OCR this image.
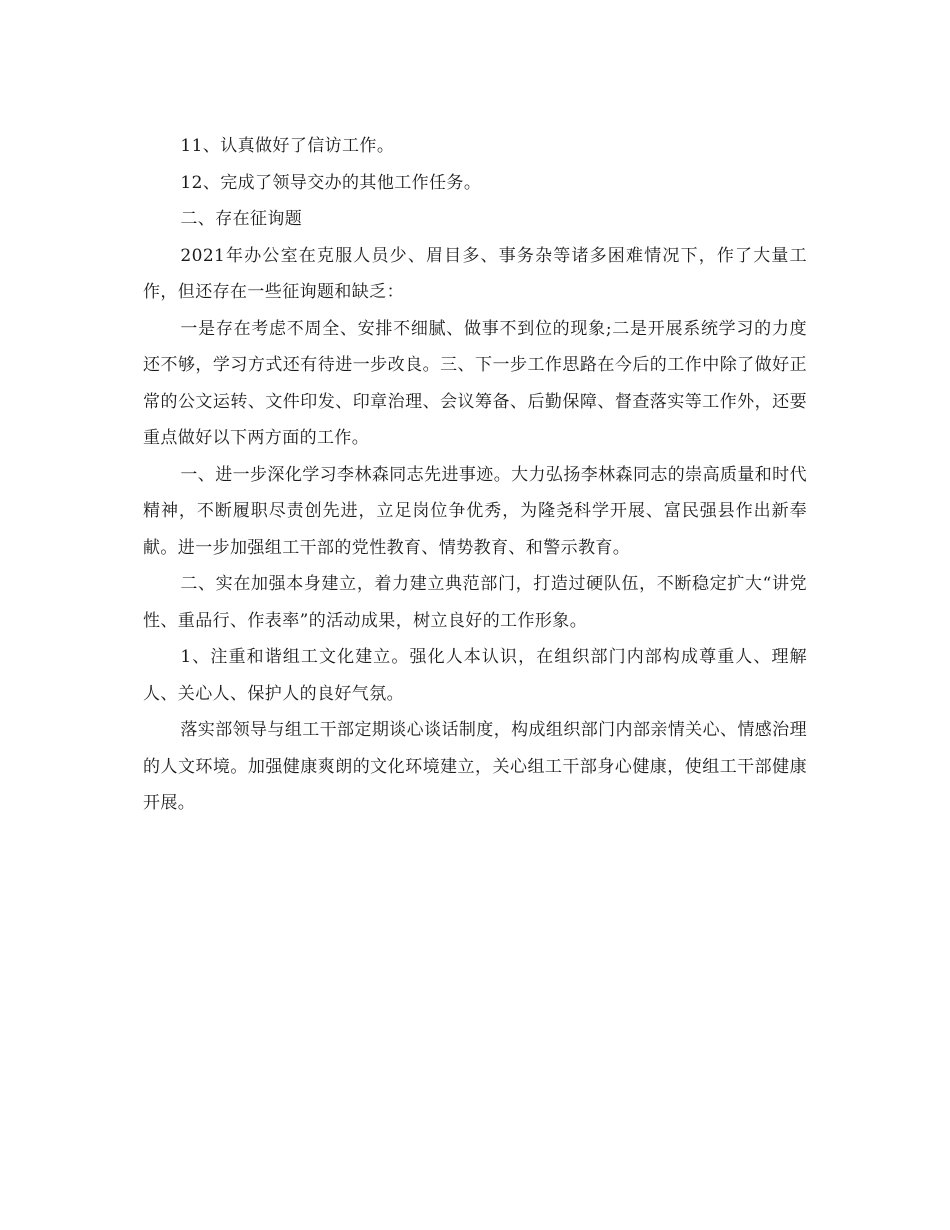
11、认真做好了信访工作。

12、完成了领导交办的其他工作任务。

二、存在征询题

2021年办公室在克服人员少、眉目多、事务杂等诸多困难情况下，作了大量工作，但还存在一些征询题和缺乏：

一是存在考虑不周全、安排不细腻、做事不到位的现象;二是开展系统学习的力度还不够，学习方式还有待进一步改良。三、下一步工作思路在今后的工作中除了做好正常的公文运转、文件印发、印章治理、会议筹备、后勤保障、督查落实等工作外，还要重点做好以下两方面的工作。

一、进一步深化学习李林森同志先进事迹。大力弘扬李林森同志的崇高质量和时代精神，不断履职尽责创先进，立足岗位争优秀，为隆尧科学开展、富民强县作出新奉献。进一步加强组工干部的党性教育、情势教育、和警示教育。

二、实在加强本身建立，着力建立典范部门，打造过硬队伍，不断稳定扩大“讲党性、重品行、作表率”的活动成果，树立良好的工作形象。

1、注重和谐组工文化建立。强化人本认识，在组织部门内部构成尊重人、理解人、关心人、保护人的良好气氛。

落实部领导与组工干部定期谈心谈话制度，构成组织部门内部亲情关心、情感治理的人文环境。加强健康爽朗的文化环境建立，关心组工干部身心健康，使组工干部健康开展。
